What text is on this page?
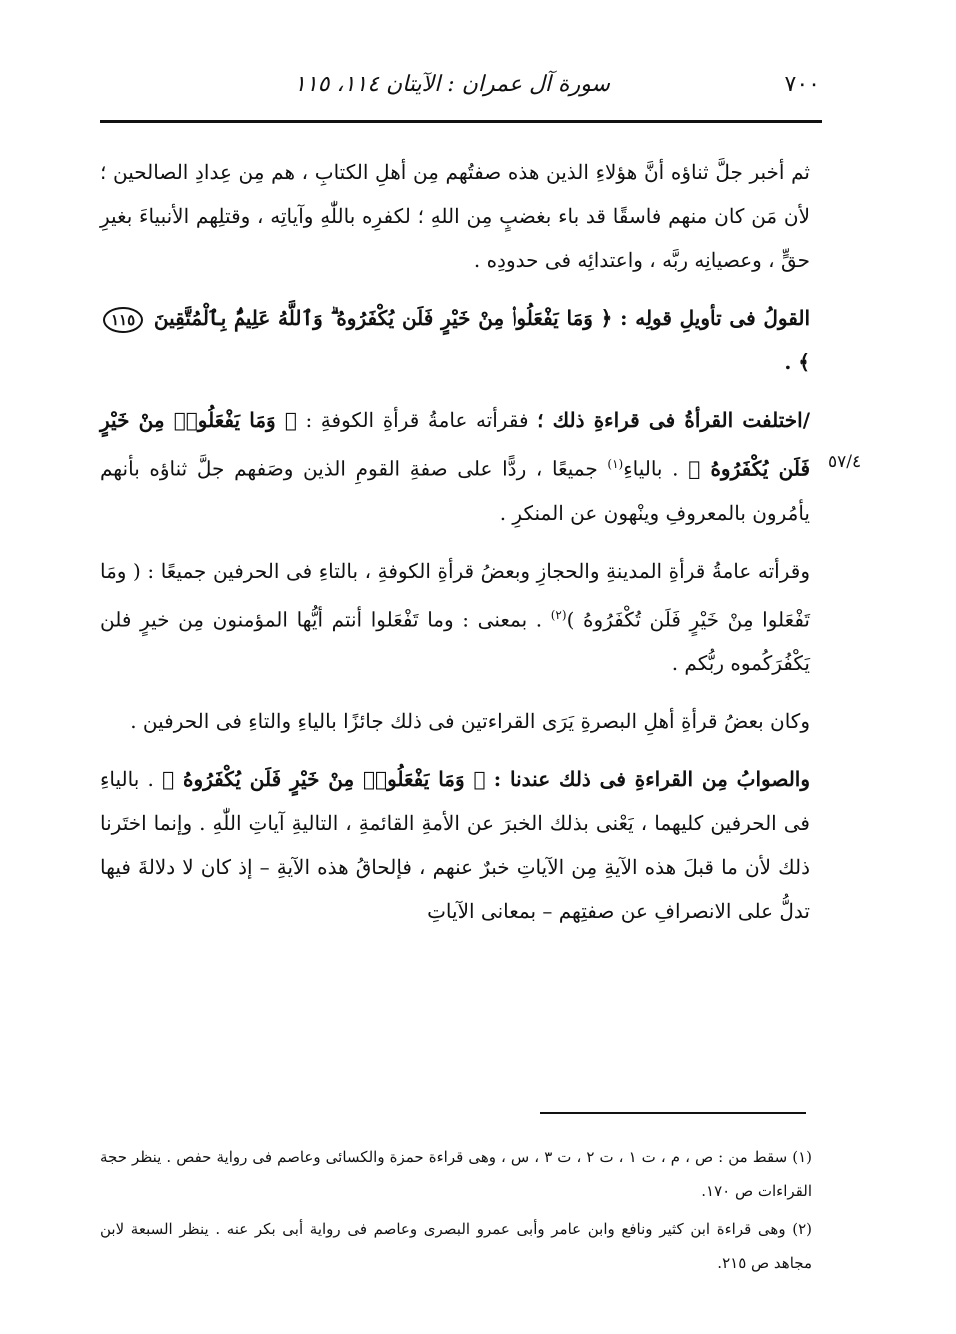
٧٠٠
سورة آل عمران : الآيتان ١١٤، ١١٥
٥٧/٤

ثم أخبر جلَّ ثناؤه أنَّ هؤلاءِ الذين هذه صفتُهم مِن أهلِ الكتابِ ، هم مِن عِدادِ الصالحين ؛ لأن مَن كان منهم فاسقًا قد باء بغضبٍ مِن اللهِ ؛ لكفرِه باللّٰهِ وآياتِه ، وقتلِهم الأنبياءَ بغيرِ حقٍّ ، وعصيانِه ربَّه ، واعتدائِه فى حدودِه .

القولُ فى تأويلِ قولِه : ﴿ وَمَا يَفْعَلُوا۟ مِنْ خَيْرٍ فَلَن يُكْفَرُوهُ ۗ وَٱللَّهُ عَلِيمٌۢ بِٱلْمُتَّقِينَ ١١٥ ﴾ .

/اختلفت القرأةُ فى قراءةِ ذلك ؛ فقرأته عامةُ قرأةِ الكوفةِ : ﴿ وَمَا يَفْعَلُوا۟ مِنْ خَيْرٍ فَلَن يُكْفَرُوهُ ﴾ . بالياءِ$^{(١)}$ جميعًا ، ردًّا على صفةِ القومِ الذين وصَفهم جلَّ ثناؤه بأنهم يأمُرون بالمعروفِ وينْهون عن المنكرِ .

وقرأته عامةُ قرأةِ المدينةِ والحجازِ وبعضُ قرأةِ الكوفةِ ، بالتاءِ فى الحرفين جميعًا : ( ومَا تَفْعَلوا مِنْ خَيْرٍ فَلَن تُكْفَرُوهُ )$^{(٢)}$ . بمعنى : وما تَفْعَلوا أنتم أيُّها المؤمنون مِن خيرٍ فلن يَكْفُرَكُموه ربُّكم .

وكان بعضُ قرأةِ أهلِ البصرةِ يَرَى القراءتين فى ذلك جائزًا بالياءِ والتاءِ فى الحرفين .

والصوابُ مِن القراءةِ فى ذلك عندنا : ﴿ وَمَا يَفْعَلُوا۟ مِنْ خَيْرٍ فَلَن يُكْفَرُوهُ ﴾ . بالياءِ فى الحرفين كليهما ، يَعْنى بذلك الخبرَ عن الأمةِ القائمةِ ، التاليةِ آياتِ اللّٰهِ . وإنما اختَرنا ذلك لأن ما قبلَ هذه الآيةِ مِن الآياتِ خبرٌ عنهم ، فإلحاقُ هذه الآيةِ – إذ كان لا دلالةَ فيها تدلُّ على الانصرافِ عن صفتِهم – بمعانى الآياتِ

(١) سقط من : ص ، م ، ت ١ ، ت ٢ ، ت ٣ ، س ، وهى قراءة حمزة والكسائى وعاصم فى رواية حفص . ينظر حجة القراءات ص ١٧٠.

(٢) وهى قراءة ابن كثير ونافع وابن عامر وأبى عمرو البصرى وعاصم فى رواية أبى بكر عنه . ينظر السبعة لابن مجاهد ص ٢١٥.
